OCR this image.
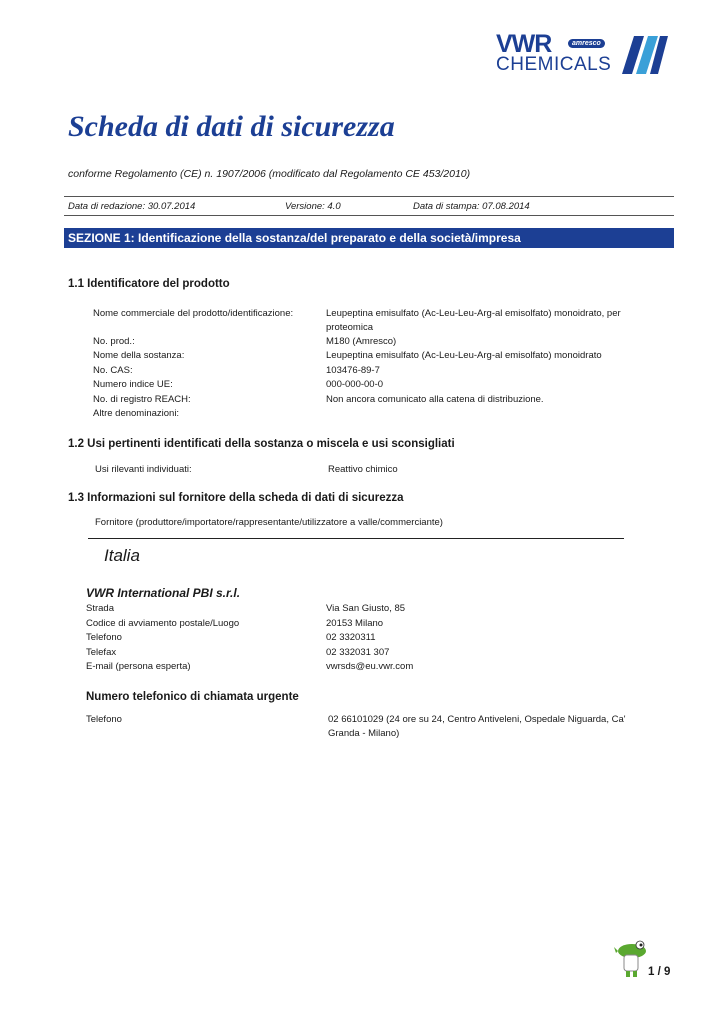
VWR	amresco
CHEMICALS
Scheda di dati di sicurezza
conforme Regolamento (CE) n. 1907/2006 (modificato dal Regolamento CE 453/2010)
Data di redazione: 30.07.2014	Versione: 4.0	Data di stampa: 07.08.2014
SEZIONE 1: Identificazione della sostanza/del preparato e della società/impresa
1.1 Identificatore del prodotto
Nome commerciale del prodotto/identificazione:	Leupeptina emisulfato (Ac-Leu-Leu-Arg-al emisolfato) monoidrato, per
proteomica
No. prod.:	M180 (Amresco)
Nome della sostanza:	Leupeptina emisulfato (Ac-Leu-Leu-Arg-al emisolfato) monoidrato
No. CAS:	103476-89-7
Numero indice UE:	000-000-00-0
No. di registro REACH:	Non ancora comunicato alla catena di distribuzione.
Altre denominazioni:
1.2 Usi pertinenti identificati della sostanza o miscela e usi sconsigliati
Usi rilevanti individuati:	Reattivo chimico
1.3 Informazioni sul fornitore della scheda di dati di sicurezza
Fornitore (produttore/importatore/rappresentante/utilizzatore a valle/commerciante)
Italia
VWR International PBI s.r.l.
Strada	Via San Giusto, 85
Codice di avviamento postale/Luogo	20153 Milano
Telefono	02 3320311
Telefax	02 332031 307
E-mail (persona esperta)	vwrsds@eu.vwr.com
Numero telefonico di chiamata urgente
Telefono	02 66101029 (24 ore su 24, Centro Antiveleni, Ospedale Niguarda, Ca'
Granda - Milano)
1 / 9
